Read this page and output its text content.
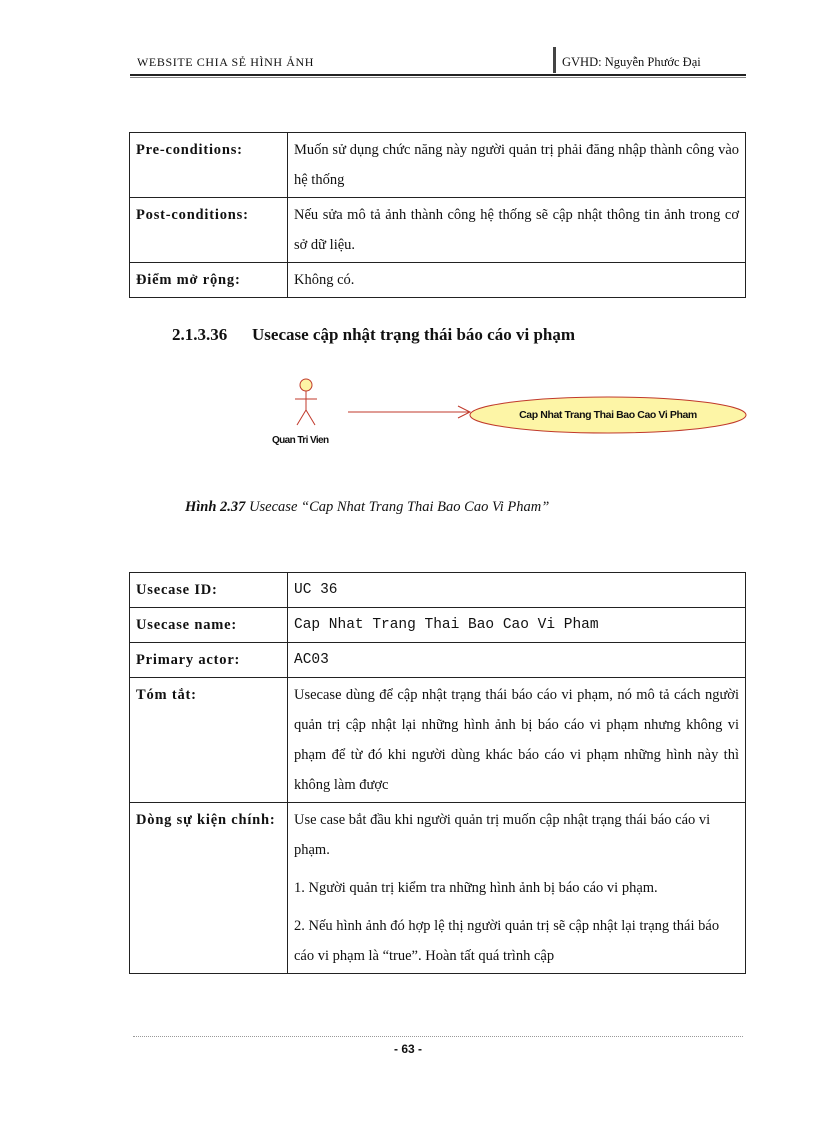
WEBSITE CHIA SẺ HÌNH ẢNH	GVHD: Nguyễn Phước Đại
Pre-conditions:	Muốn sử dụng chức năng này người quản trị phải đăng nhập thành công vào hệ thống
Post-conditions:	Nếu sửa mô tả ảnh thành công hệ thống sẽ cập nhật thông tin ảnh trong cơ sở dữ liệu.
Điểm mở rộng:	Không có.
2.1.3.36 Usecase cập nhật trạng thái báo cáo vi phạm
Quan Tri Vien
Cap Nhat Trang Thai Bao Cao Vi Pham
Hình 2.37 Usecase “Cap Nhat Trang Thai Bao Cao Vi Pham”
Usecase ID:	UC 36
Usecase name:	Cap Nhat Trang Thai Bao Cao Vi Pham
Primary actor:	AC03
Tóm tắt:	Usecase dùng để cập nhật trạng thái báo cáo vi phạm, nó mô tả cách người quản trị cập nhật lại những hình ảnh bị báo cáo vi phạm nhưng không vi phạm để từ đó khi người dùng khác báo cáo vi phạm những hình này thì không làm được
Dòng sự kiện chính:	Use case bắt đầu khi người quản trị muốn cập nhật trạng thái báo cáo vi phạm.

1. Người quản trị kiểm tra những hình ảnh bị báo cáo vi phạm.

2. Nếu hình ảnh đó hợp lệ thị người quản trị sẽ cập nhật lại trạng thái báo cáo vi phạm là “true”. Hoàn tất quá trình cập

- 63 -
